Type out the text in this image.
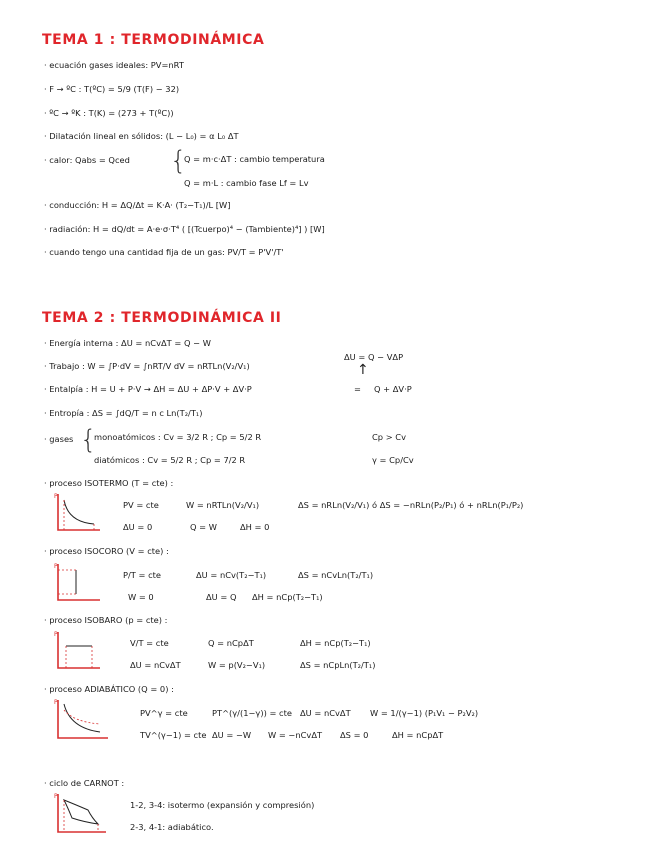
TEMA 1 : TERMODINÁMICA
· ecuación gases ideales: PV=nRT
· F → ºC : T(ºC) = 5/9 (T(F) − 32)
· ºC → ºK : T(K) = (273 + T(ºC))
· Dilatación lineal en sólidos: (L − L₀) = α L₀ ΔT
· calor: Qabs = Qced {
Q = m·c·ΔT : cambio temperatura
Q = m·L : cambio fase Lf = Lv
· conducción: H = ΔQ/Δt = K·A· (T₂−T₁)/L [W]
· radiación: H = dQ/dt = A·e·σ·T⁴ ( [(Tcuerpo)⁴ − (Tambiente)⁴] ) [W]
· cuando tengo una cantidad fija de un gas: PV/T = P'V'/T'
TEMA 2 : TERMODINÁMICA II
· Energía interna : ΔU = nCvΔT = Q − W
ΔU = Q − VΔP
↑
· Trabajo : W = ∫P·dV = ∫nRT/V dV = nRTLn(V₂/V₁)
· Entalpía : H = U + P·V → ΔH = ΔU + ΔP·V + ΔV·P	= Q + ΔV·P
· Entropía : ΔS = ∫dQ/T = n c Ln(T₂/T₁)
· gases {
monoatómicos : Cv = 3/2 R ; Cp = 5/2 R
diatómicos : Cv = 5/2 R ; Cp = 7/2 R
Cp > Cv
γ = Cp/Cv
· proceso ISOTERMO (T = cte) :
P
PV = cte	W = nRTLn(V₂/V₁)	ΔS = nRLn(V₂/V₁) ó ΔS = −nRLn(P₂/P₁) ó + nRLn(P₁/P₂)
ΔU = 0	Q = W	ΔH = 0
· proceso ISOCORO (V = cte) :
P
P/T = cte	ΔU = nCv(T₂−T₁)	ΔS = nCvLn(T₂/T₁)
W = 0	ΔU = Q ΔH = nCp(T₂−T₁)
· proceso ISOBARO (p = cte) :
P
V/T = cte	Q = nCpΔT	ΔH = nCp(T₂−T₁)
ΔU = nCvΔT	W = p(V₂−V₁)	ΔS = nCpLn(T₂/T₁)
· proceso ADIABÁTICO (Q = 0) :
P
PV^γ = cte	PT^(γ/(1−γ)) = cte ΔU = nCvΔT W = 1/(γ−1) (P₁V₁ − P₂V₂)
TV^(γ−1) = cte ΔU = −W W = −nCvΔT ΔS = 0	ΔH = nCpΔT
· ciclo de CARNOT :
P
1-2, 3-4: isotermo (expansión y compresión)
2-3, 4-1: adiabático.
